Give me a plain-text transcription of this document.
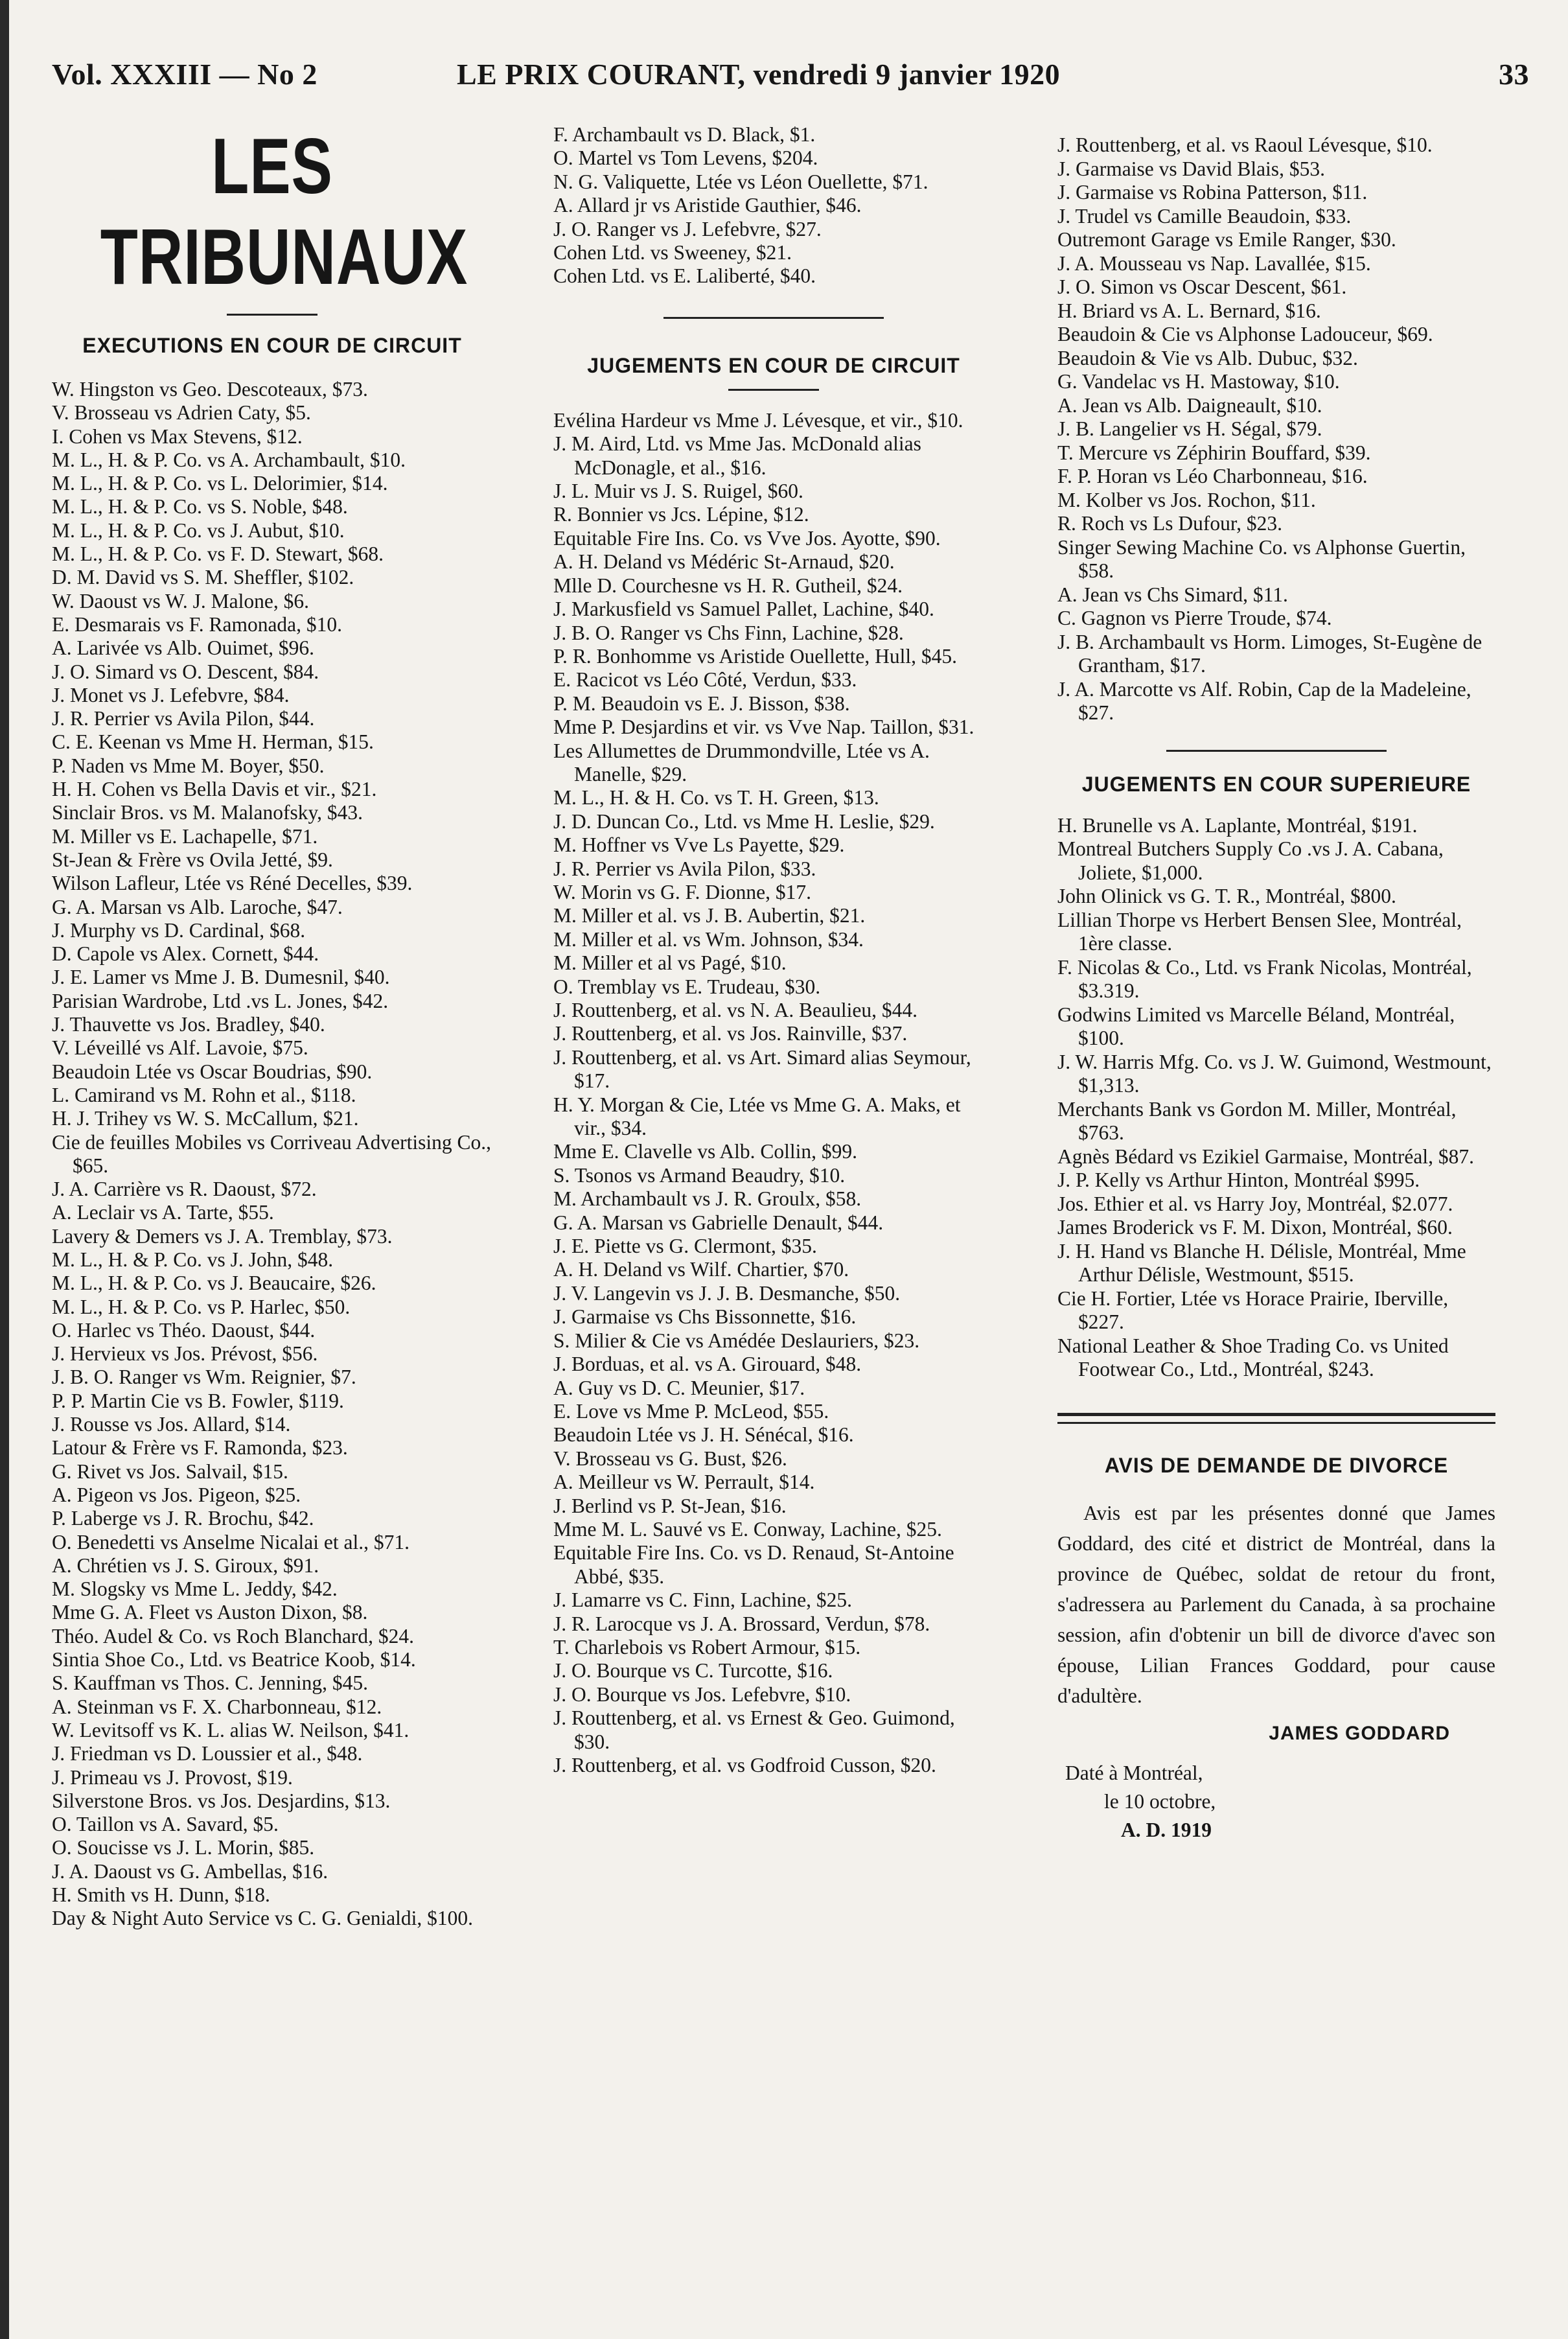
Vol. XXXIII — No 2	LE PRIX COURANT, vendredi 9 janvier 1920	33
LES TRIBUNAUX
EXECUTIONS EN COUR DE CIRCUIT
W. Hingston vs Geo. Descoteaux, $73.
V. Brosseau vs Adrien Caty, $5.
I. Cohen vs Max Stevens, $12.
M. L., H. & P. Co. vs A. Archambault, $10.
M. L., H. & P. Co. vs L. Delorimier, $14.
M. L., H. & P. Co. vs S. Noble, $48.
M. L., H. & P. Co. vs J. Aubut, $10.
M. L., H. & P. Co. vs F. D. Stewart, $68.
D. M. David vs S. M. Sheffler, $102.
W. Daoust vs W. J. Malone, $6.
E. Desmarais vs F. Ramonada, $10.
A. Larivée vs Alb. Ouimet, $96.
J. O. Simard vs O. Descent, $84.
J. Monet vs J. Lefebvre, $84.
J. R. Perrier vs Avila Pilon, $44.
C. E. Keenan vs Mme H. Herman, $15.
P. Naden vs Mme M. Boyer, $50.
H. H. Cohen vs Bella Davis et vir., $21.
Sinclair Bros. vs M. Malanofsky, $43.
M. Miller vs E. Lachapelle, $71.
St-Jean & Frère vs Ovila Jetté, $9.
Wilson Lafleur, Ltée vs Réné Decelles, $39.
G. A. Marsan vs Alb. Laroche, $47.
J. Murphy vs D. Cardinal, $68.
D. Capole vs Alex. Cornett, $44.
J. E. Lamer vs Mme J. B. Dumesnil, $40.
Parisian Wardrobe, Ltd .vs L. Jones, $42.
J. Thauvette vs Jos. Bradley, $40.
V. Léveillé vs Alf. Lavoie, $75.
Beaudoin Ltée vs Oscar Boudrias, $90.
L. Camirand vs M. Rohn et al., $118.
H. J. Trihey vs W. S. McCallum, $21.
Cie de feuilles Mobiles vs Corriveau Advertising Co., $65.
J. A. Carrière vs R. Daoust, $72.
A. Leclair vs A. Tarte, $55.
Lavery & Demers vs J. A. Tremblay, $73.
M. L., H. & P. Co. vs J. John, $48.
M. L., H. & P. Co. vs J. Beaucaire, $26.
M. L., H. & P. Co. vs P. Harlec, $50.
O. Harlec vs Théo. Daoust, $44.
J. Hervieux vs Jos. Prévost, $56.
J. B. O. Ranger vs Wm. Reignier, $7.
P. P. Martin Cie vs B. Fowler, $119.
J. Rousse vs Jos. Allard, $14.
Latour & Frère vs F. Ramonda, $23.
G. Rivet vs Jos. Salvail, $15.
A. Pigeon vs Jos. Pigeon, $25.
P. Laberge vs J. R. Brochu, $42.
O. Benedetti vs Anselme Nicalai et al., $71.
A. Chrétien vs J. S. Giroux, $91.
M. Slogsky vs Mme L. Jeddy, $42.
Mme G. A. Fleet vs Auston Dixon, $8.
Théo. Audel & Co. vs Roch Blanchard, $24.
Sintia Shoe Co., Ltd. vs Beatrice Koob, $14.
S. Kauffman vs Thos. C. Jenning, $45.
A. Steinman vs F. X. Charbonneau, $12.
W. Levitsoff vs K. L. alias W. Neilson, $41.
J. Friedman vs D. Loussier et al., $48.
J. Primeau vs J. Provost, $19.
Silverstone Bros. vs Jos. Desjardins, $13.
O. Taillon vs A. Savard, $5.
O. Soucisse vs J. L. Morin, $85.
J. A. Daoust vs G. Ambellas, $16.
H. Smith vs H. Dunn, $18.
Day & Night Auto Service vs C. G. Genialdi, $100.
F. Archambault vs D. Black, $1.
O. Martel vs Tom Levens, $204.
N. G. Valiquette, Ltée vs Léon Ouellette, $71.
A. Allard jr vs Aristide Gauthier, $46.
J. O. Ranger vs J. Lefebvre, $27.
Cohen Ltd. vs Sweeney, $21.
Cohen Ltd. vs E. Laliberté, $40.
JUGEMENTS EN COUR DE CIRCUIT
Evélina Hardeur vs Mme J. Lévesque, et vir., $10.
J. M. Aird, Ltd. vs Mme Jas. McDonald alias McDonagle, et al., $16.
J. L. Muir vs J. S. Ruigel, $60.
R. Bonnier vs Jcs. Lépine, $12.
Equitable Fire Ins. Co. vs Vve Jos. Ayotte, $90.
A. H. Deland vs Médéric St-Arnaud, $20.
Mlle D. Courchesne vs H. R. Gutheil, $24.
J. Markusfield vs Samuel Pallet, Lachine, $40.
J. B. O. Ranger vs Chs Finn, Lachine, $28.
P. R. Bonhomme vs Aristide Ouellette, Hull, $45.
E. Racicot vs Léo Côté, Verdun, $33.
P. M. Beaudoin vs E. J. Bisson, $38.
Mme P. Desjardins et vir. vs Vve Nap. Taillon, $31.
Les Allumettes de Drummondville, Ltée vs A. Manelle, $29.
M. L., H. & H. Co. vs T. H. Green, $13.
J. D. Duncan Co., Ltd. vs Mme H. Leslie, $29.
M. Hoffner vs Vve Ls Payette, $29.
J. R. Perrier vs Avila Pilon, $33.
W. Morin vs G. F. Dionne, $17.
M. Miller et al. vs J. B. Aubertin, $21.
M. Miller et al. vs Wm. Johnson, $34.
M. Miller et al vs Pagé, $10.
O. Tremblay vs E. Trudeau, $30.
J. Routtenberg, et al. vs N. A. Beaulieu, $44.
J. Routtenberg, et al. vs Jos. Rainville, $37.
J. Routtenberg, et al. vs Art. Simard alias Seymour, $17.
H. Y. Morgan & Cie, Ltée vs Mme G. A. Maks, et vir., $34.
Mme E. Clavelle vs Alb. Collin, $99.
S. Tsonos vs Armand Beaudry, $10.
M. Archambault vs J. R. Groulx, $58.
G. A. Marsan vs Gabrielle Denault, $44.
J. E. Piette vs G. Clermont, $35.
A. H. Deland vs Wilf. Chartier, $70.
J. V. Langevin vs J. J. B. Desmanche, $50.
J. Garmaise vs Chs Bissonnette, $16.
S. Milier & Cie vs Amédée Deslauriers, $23.
J. Borduas, et al. vs A. Girouard, $48.
A. Guy vs D. C. Meunier, $17.
E. Love vs Mme P. McLeod, $55.
Beaudoin Ltée vs J. H. Sénécal, $16.
V. Brosseau vs G. Bust, $26.
A. Meilleur vs W. Perrault, $14.
J. Berlind vs P. St-Jean, $16.
Mme M. L. Sauvé vs E. Conway, Lachine, $25.
Equitable Fire Ins. Co. vs D. Renaud, St-Antoine Abbé, $35.
J. Lamarre vs C. Finn, Lachine, $25.
J. R. Larocque vs J. A. Brossard, Verdun, $78.
T. Charlebois vs Robert Armour, $15.
J. O. Bourque vs C. Turcotte, $16.
J. O. Bourque vs Jos. Lefebvre, $10.
J. Routtenberg, et al. vs Ernest & Geo. Guimond, $30.
J. Routtenberg, et al. vs Godfroid Cusson, $20.
J. Routtenberg, et al. vs Raoul Lévesque, $10.
J. Garmaise vs David Blais, $53.
J. Garmaise vs Robina Patterson, $11.
J. Trudel vs Camille Beaudoin, $33.
Outremont Garage vs Emile Ranger, $30.
J. A. Mousseau vs Nap. Lavallée, $15.
J. O. Simon vs Oscar Descent, $61.
H. Briard vs A. L. Bernard, $16.
Beaudoin & Cie vs Alphonse Ladouceur, $69.
Beaudoin & Vie vs Alb. Dubuc, $32.
G. Vandelac vs H. Mastoway, $10.
A. Jean vs Alb. Daigneault, $10.
J. B. Langelier vs H. Ségal, $79.
T. Mercure vs Zéphirin Bouffard, $39.
F. P. Horan vs Léo Charbonneau, $16.
M. Kolber vs Jos. Rochon, $11.
R. Roch vs Ls Dufour, $23.
Singer Sewing Machine Co. vs Alphonse Guertin, $58.
A. Jean vs Chs Simard, $11.
C. Gagnon vs Pierre Troude, $74.
J. B. Archambault vs Horm. Limoges, St-Eugène de Grantham, $17.
J. A. Marcotte vs Alf. Robin, Cap de la Madeleine, $27.
JUGEMENTS EN COUR SUPERIEURE
H. Brunelle vs A. Laplante, Montréal, $191.
Montreal Butchers Supply Co .vs J. A. Cabana, Joliete, $1,000.
John Olinick vs G. T. R., Montréal, $800.
Lillian Thorpe vs Herbert Bensen Slee, Montréal, 1ère classe.
F. Nicolas & Co., Ltd. vs Frank Nicolas, Montréal, $3.319.
Godwins Limited vs Marcelle Béland, Montréal, $100.
J. W. Harris Mfg. Co. vs J. W. Guimond, Westmount, $1,313.
Merchants Bank vs Gordon M. Miller, Montréal, $763.
Agnès Bédard vs Ezikiel Garmaise, Montréal, $87.
J. P. Kelly vs Arthur Hinton, Montréal $995.
Jos. Ethier et al. vs Harry Joy, Montréal, $2.077.
James Broderick vs F. M. Dixon, Montréal, $60.
J. H. Hand vs Blanche H. Délisle, Montréal, Mme Arthur Délisle, Westmount, $515.
Cie H. Fortier, Ltée vs Horace Prairie, Iberville, $227.
National Leather & Shoe Trading Co. vs United Footwear Co., Ltd., Montréal, $243.
AVIS DE DEMANDE DE DIVORCE

Avis est par les présentes donné que James Goddard, des cité et district de Montréal, dans la province de Québec, soldat de retour du front, s'adressera au Parlement du Canada, à sa prochaine session, afin d'obtenir un bill de divorce d'avec son épouse, Lilian Frances Goddard, pour cause d'adultère.

JAMES GODDARD
Daté à Montréal,
le 10 octobre,
A. D. 1919
